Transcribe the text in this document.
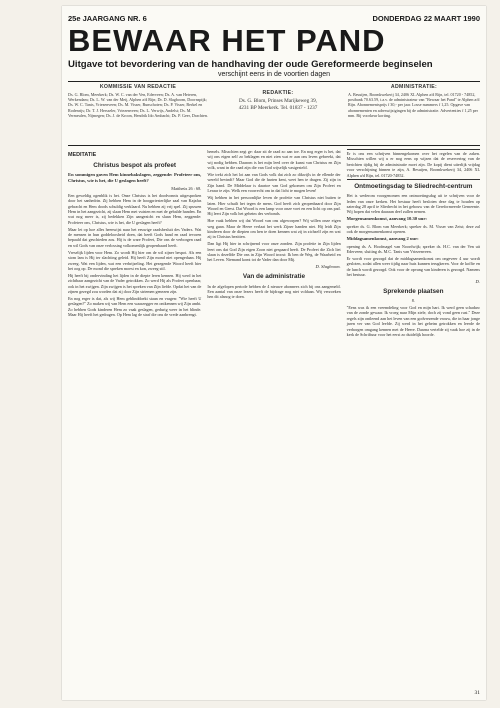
25e JAARGANG NR. 6	DONDERDAG 22 MAART 1990
BEWAAR HET PAND
Uitgave tot bevordering van de handhaving der oude Gereformeerde beginselen
verschijnt eens in de voortien dagen
KOMMISSIE VAN REDACTIE
Ds. G. Blom, Meerkerk; Ds. W. C. van der Ven, Ederveen; Ds. A. van Heteren, Werkendam; Ds. L. W. van der Meij, Alphen a/d Rijn; Dr. D. Slagboom, Doornspijk; Ds. W. C. Tanis, Vriezenveen; Ds. M. Visser, Bunschoten; Ds. P. Visser, Berkel en Rodenrijs; Dr. T. J. Hersseler, Vriezenveen; Ds. L. Verwijs, Andelst; Ds. M. Vermeulen, Nijmegen; Ds. J. de Kroon, Hendrik Ido Ambacht; Ds. P. Geer, Drachten.
REDAKTIE:
Ds. G. Blom, Prinses Marijkeweg 39,
4231 BP Meerkerk. Tel. 01837 - 1237
ADMINISTRATIE:
A. Besuijen, Boomkwekerij 34, 2406 XL Alphen a/d Rijn, tel. 01720 - 74852, postbank 70.63.59, t.a.v. de administrateur van "Bewaar het Pand" te Alphen a/d Rijn. Abonnementsprijs f 30,- per jaar. Losse nummers f 1,25. Opgave van abonnementen en adreswijzigingen bij de administratie. Advertenties f 1,25 per mm. Bij voorkeur korting.
MEDITATIE
Christus bespot als profeet

En sommigen gaven Hem kinnebakslagen, zeggende: Profeteer ons, Christus, wie is het, die U geslagen heeft?

Mattheüs 26 : 68.

Een geweldig ogenblik is het. Onze Christus is het doodvonnis uitgesproken door het sanhedrin. Zij hebben Hem in de hoogpriesterlijke zaal van Kajafas gebracht en Hem doods schuldig verklaard. Nu hebben zij vrij spel. Zij spuwen Hem in het aangezicht, zij slaan Hem met vuisten en met de gebalde handen. En wat nog meer is, zij bedekken Zijn aangezicht en slaan Hem, zeggende: Profeteer ons, Christus, wie is het, die U geslagen heeft?

Maar let op hoe alles heenwijst naar het eeuwige raadsbesluit des Vaders. Wat de mensen in hun goddeloosheid doen, dat heeft Gods hand en raad tevoren bepaald dat geschieden zou. Hij is de ware Profeet, Die ons de verborgen raad en wil Gods van onze verlossing volkomenlijk geopenbaard heeft.

Vreselijk lijden voor Hem. Zo wordt Hij hier om de wil zijner bespot. Als een stom lam is Hij ter slachting geleid. Hij heeft Zijn mond niet opengedaan. Hij zweeg. Wat een lijden, wat een verbrijzeling. Het gezegende Woord heeft hier het oog op. De mond die spreken moest en kon, zweeg stil.

Hij heeft bij ondervinding het lijden in de diepte leren kennen. Hij werd in het zichtbaar aangezicht van de Vader getrokken. Zo werd Hij als Profeet openbaar, ook in het zwijgen. Zijn zwijgen is het spreken van Zijn liefde. Opdat het van de zijnen gezegd zou worden dat zij door Zijn striemen genezen zijn.

En nog erger is dat, als wij Hem geblinddoekt staan en vragen: "Wie heeft U geslagen?" Zo maken wij van Hem een waarzegger en ontkennen wij Zijn ambt. Zo hebben Gods kinderen Hem zo vaak geslagen, gedurig weer in het blinde. Maar Hij heeft het gedragen. Op Hem lag de straf die ons de vrede aanbrengt.

hemels. Misschien zegt ge: daar zit de raad zo aan toe. En nog erger is het, dat wij ons eigen zelf zo beklagen en niet zien wat er aan ons leven gebreekt, dat wij nodig hebben. Daarom is het mijn leed over de kunst van Christus en Zijn volk, want in die raad zijn die van God wijselijk vastgesteld.

Wie trekt zich het lot aan van Gods volk dat zich zo dikwijls in de ellende der wereld bevindt? Maar God die de harten kent, weet hen te dragen. Zij zijn in Zijn hand. De Middelaar is daartoe van God gekomen om Zijn Profeet en Leraar te zijn. Welk een voorrecht om in dat licht te mogen leven!

Wij hebben in het persoonlijke leven de profetie van Christus niet buiten te laten. Hier schuilt het tegen de mens. God heeft zich geopenbaard door Zijn Woord en Geest. Dat Woord is een lamp voor onze voet en een licht op ons pad. Hij leert Zijn volk het geheim des verbonds.

Hoe vaak hebben wij dat Woord van ons afgeworpen? Wij willen onze eigen weg gaan. Maar de Heere verlaat het werk Zijner handen niet. Hij leidt Zijn kinderen door de diepten om hen te doen kennen wat zij in zichzelf zijn en wat zij in Christus bezitten.

Dan ligt Hij hier in schrijnend voor onze zonden. Zijn profetie in Zijn lijden leert ons dat God Zijn eigen Zoon niet gespaard heeft. De Profeet die Zich liet slaan is dezelfde Die ons in Zijn Woord troost: Ik ben de Weg, de Waarheid en het Leven. Niemand komt tot de Vader dan door Mij.

D. Slagboom.

Van de administratie

In de afgelopen periode hebben de 4 nieuwe abonnees zich bij ons aangemeld. Een aantal van onze lezers heeft de bijdrage nog niet voldaan. Wij verzoeken hen dit alsnog te doen.

Er is ons een schrijven binnengekomen over het regelen van de zaken. Misschien willen wij u er nog eens op wijzen dat de reservering van de berichten tijdig bij de administratie moet zijn. De kopij dient uiterlijk vrijdag voor verschijning binnen te zijn, A. Besuijen, Boomkwekerij 34, 2406 XL Alphen a/d Rijn, tel. 01720-74852.

Ontmoetingsdag te Sliedrecht-centrum

Het is wederom voorgenomen een ontmoetingsdag uit te schrijven voor de leden van onze kerken. Het bestuur heeft besloten deze dag te houden op zaterdag 28 april te Sliedrecht in het gebouw van de Gereformeerde Gemeente. Wij hopen dat velen daaraan deel zullen nemen.

Morgensamenkomst, aanvang 10.30 uur:

spreker ds. G. Blom van Meerkerk; spreker ds. M. Visser van Zeist; deze zal ook de morgensamenkomst openen.

Middagsamenkomst, aanvang 2 uur:

opening ds. A. Hoofmagel van Noordwijk; spreker ds. H.C. van der Ven uit Ederveen; sluiting ds. M.C. Tanis van Vriezenveen.

Er wordt voor gezorgd dat de middagsamenkomst om ongeveer 4 uur wordt gesloten, zodat allen weer tijdig naar huis kunnen terugkeren. Voor de koffie en de lunch wordt gezorgd. Ook voor de opvang van kinderen is gezorgd. Namens het bestuur.

D.

Sprekende plaatsen

8.

"Eens was ik een vreemdeling voor God en mijn hart. Ik werd geen schaduw van de zonde gewaar. Ik vroeg naar Mijn ziele, doch zij vond geen rust." Deze regels zijn ontleend aan het leven van een godvrezende vrouw, die in haar jonge jaren ver van God leefde. Zij werd in het geheim getrokken en leerde de verborgen omgang kennen met de Heere. Daarna vertelde zij vaak hoe zij in de kerk de Schriftuur voor het eerst zo duidelijk hoorde.

31
